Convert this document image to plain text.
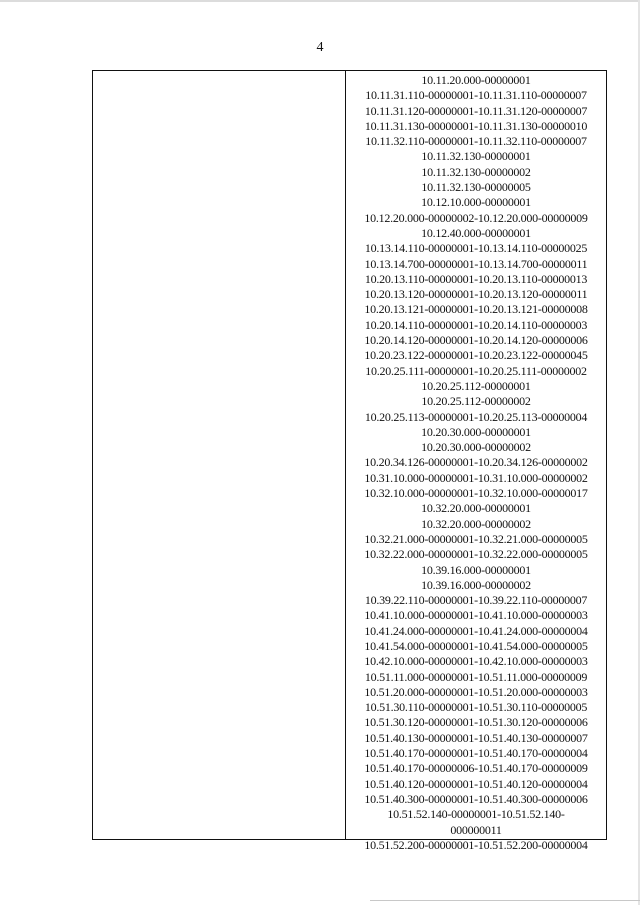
4
10.11.20.000-00000001
10.11.31.110-00000001-10.11.31.110-00000007
10.11.31.120-00000001-10.11.31.120-00000007
10.11.31.130-00000001-10.11.31.130-00000010
10.11.32.110-00000001-10.11.32.110-00000007
10.11.32.130-00000001
10.11.32.130-00000002
10.11.32.130-00000005
10.12.10.000-00000001
10.12.20.000-00000002-10.12.20.000-00000009
10.12.40.000-00000001
10.13.14.110-00000001-10.13.14.110-00000025
10.13.14.700-00000001-10.13.14.700-00000011
10.20.13.110-00000001-10.20.13.110-00000013
10.20.13.120-00000001-10.20.13.120-00000011
10.20.13.121-00000001-10.20.13.121-00000008
10.20.14.110-00000001-10.20.14.110-00000003
10.20.14.120-00000001-10.20.14.120-00000006
10.20.23.122-00000001-10.20.23.122-00000045
10.20.25.111-00000001-10.20.25.111-00000002
10.20.25.112-00000001
10.20.25.112-00000002
10.20.25.113-00000001-10.20.25.113-00000004
10.20.30.000-00000001
10.20.30.000-00000002
10.20.34.126-00000001-10.20.34.126-00000002
10.31.10.000-00000001-10.31.10.000-00000002
10.32.10.000-00000001-10.32.10.000-00000017
10.32.20.000-00000001
10.32.20.000-00000002
10.32.21.000-00000001-10.32.21.000-00000005
10.32.22.000-00000001-10.32.22.000-00000005
10.39.16.000-00000001
10.39.16.000-00000002
10.39.22.110-00000001-10.39.22.110-00000007
10.41.10.000-00000001-10.41.10.000-00000003
10.41.24.000-00000001-10.41.24.000-00000004
10.41.54.000-00000001-10.41.54.000-00000005
10.42.10.000-00000001-10.42.10.000-00000003
10.51.11.000-00000001-10.51.11.000-00000009
10.51.20.000-00000001-10.51.20.000-00000003
10.51.30.110-00000001-10.51.30.110-00000005
10.51.30.120-00000001-10.51.30.120-00000006
10.51.40.130-00000001-10.51.40.130-00000007
10.51.40.170-00000001-10.51.40.170-00000004
10.51.40.170-00000006-10.51.40.170-00000009
10.51.40.120-00000001-10.51.40.120-00000004
10.51.40.300-00000001-10.51.40.300-00000006
10.51.52.140-00000001-10.51.52.140-
000000011
10.51.52.200-00000001-10.51.52.200-00000004
